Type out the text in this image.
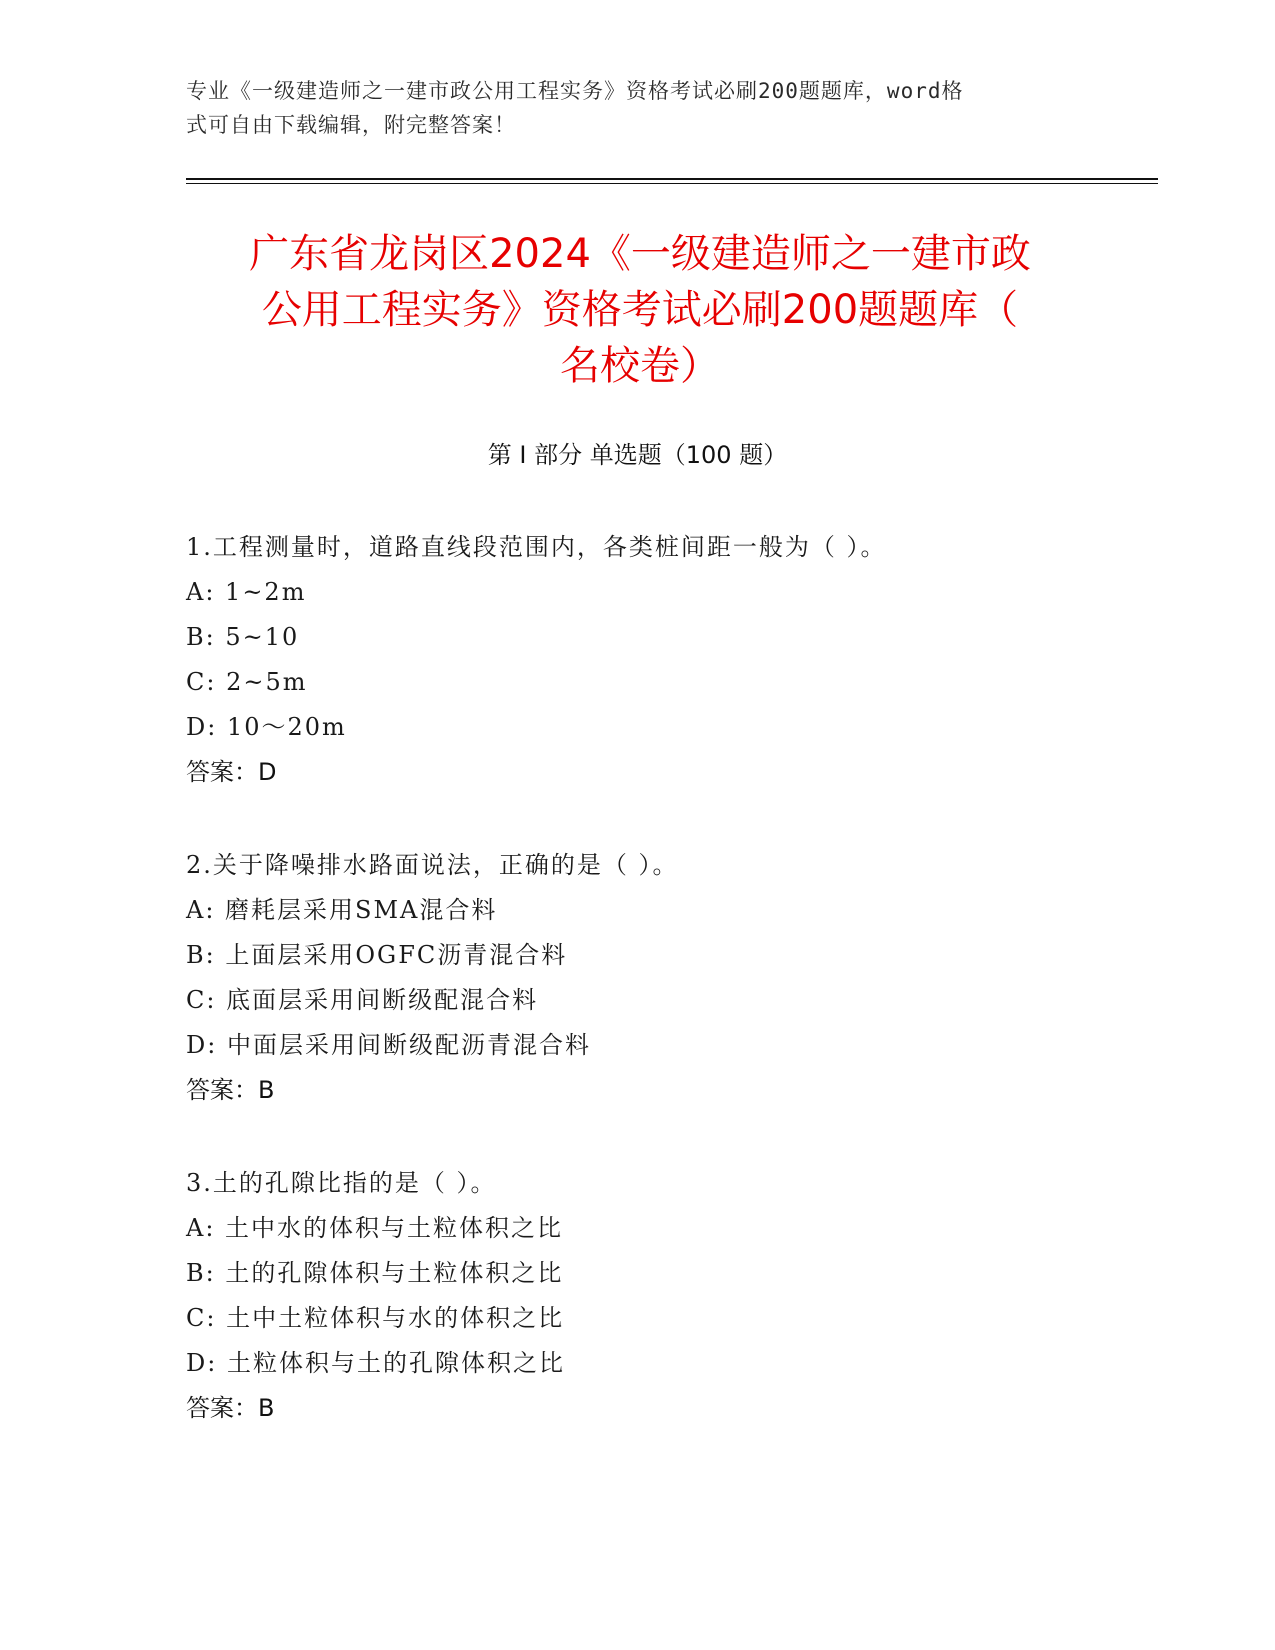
专业《一级建造师之一建市政公用工程实务》资格考试必刷200题题库，word格
式可自由下载编辑，附完整答案！
广东省龙岗区2024《一级建造师之一建市政
公用工程实务》资格考试必刷200题题库（
名校卷）
第 I 部分 单选题（100 题）
1.工程测量时，道路直线段范围内，各类桩间距一般为（ ）。
A: 1~2m
B: 5~10
C: 2~5m
D: 10～20m
答案：D
2.关于降噪排水路面说法，正确的是（ ）。
A: 磨耗层采用SMA混合料
B: 上面层采用OGFC沥青混合料
C: 底面层采用间断级配混合料
D: 中面层采用间断级配沥青混合料
答案：B
3.土的孔隙比指的是（ ）。
A: 土中水的体积与土粒体积之比
B: 土的孔隙体积与土粒体积之比
C: 土中土粒体积与水的体积之比
D: 土粒体积与土的孔隙体积之比
答案：B
